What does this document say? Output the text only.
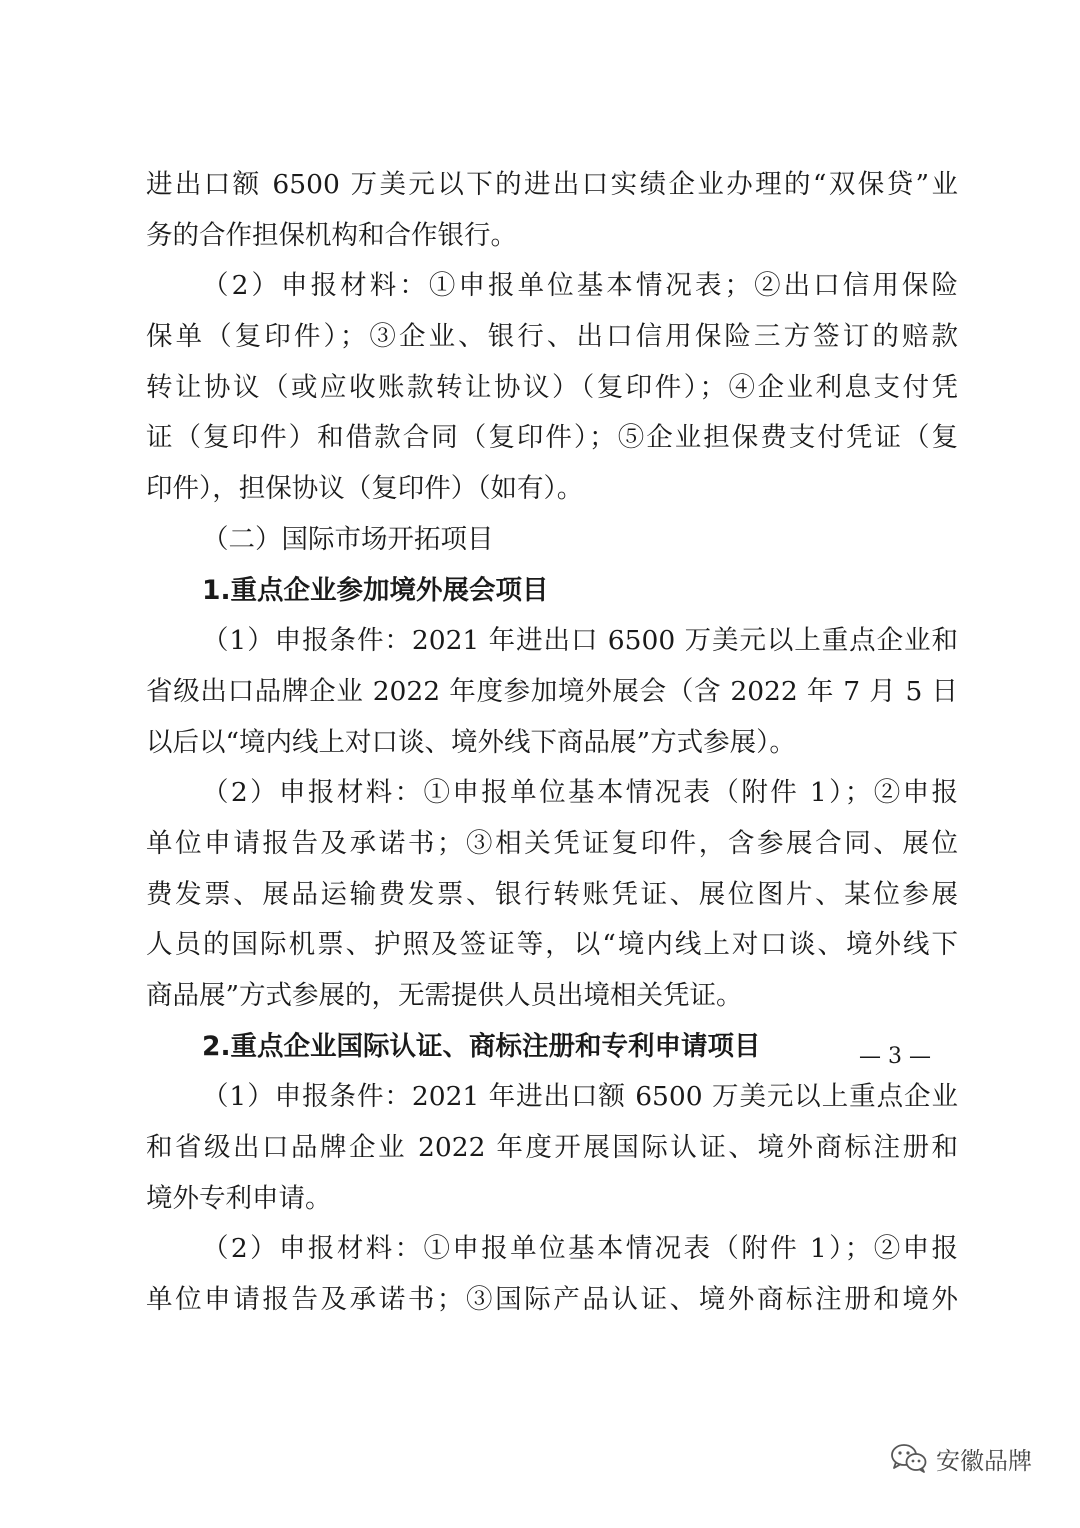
进出口额 6500 万美元以下的进出口实绩企业办理的“双保贷”业
务的合作担保机构和合作银行。
（2）申报材料：①申报单位基本情况表；②出口信用保险
保单（复印件）；③企业、银行、出口信用保险三方签订的赔款
转让协议（或应收账款转让协议）（复印件）；④企业利息支付凭
证（复印件）和借款合同（复印件）；⑤企业担保费支付凭证（复
印件），担保协议（复印件）（如有）。
（二）国际市场开拓项目
1.重点企业参加境外展会项目
（1）申报条件：2021 年进出口 6500 万美元以上重点企业和
省级出口品牌企业 2022 年度参加境外展会（含 2022 年 7 月 5 日
以后以“境内线上对口谈、境外线下商品展”方式参展）。
（2）申报材料：①申报单位基本情况表（附件 1）；②申报
单位申请报告及承诺书；③相关凭证复印件，含参展合同、展位
费发票、展品运输费发票、银行转账凭证、展位图片、某位参展
人员的国际机票、护照及签证等，以“境内线上对口谈、境外线下
商品展”方式参展的，无需提供人员出境相关凭证。
2.重点企业国际认证、商标注册和专利申请项目
（1）申报条件：2021 年进出口额 6500 万美元以上重点企业
和省级出口品牌企业 2022 年度开展国际认证、境外商标注册和
境外专利申请。
（2）申报材料：①申报单位基本情况表（附件 1）；②申报
单位申请报告及承诺书；③国际产品认证、境外商标注册和境外
— 3 —
安徽品牌
